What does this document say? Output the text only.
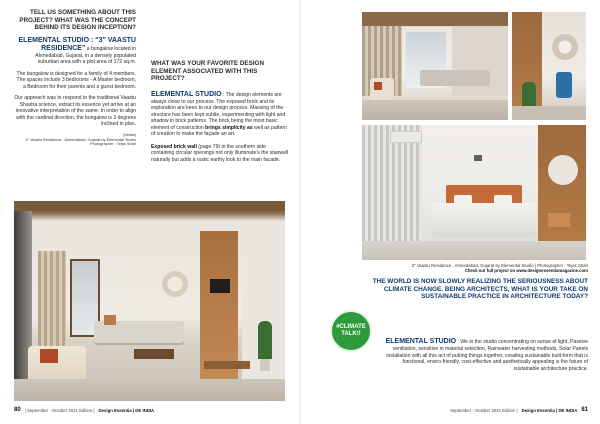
TELL US SOMETHING ABOUT THIS PROJECT? WHAT WAS THE CONCEPT BEHIND ITS DESIGN INCEPTION?
ELEMENTAL STUDIO : "3" VAASTU RESIDENCE" a bungalow located in Ahmedabad, Gujarat, in a densely populated suburban area with a plot area of 172 sq.m.
The bungalow is designed for a family of 4 members. The spaces include 3 bedrooms - A Master bedroom, a Bedroom for their parents and a guest bedroom.
Our approach was to respond to the traditional Vaastu Shastra science, extract its essence yet arrive at an innovative interpretation of the same. In order to align with the cardinal direction, the bungalow is 3 degrees inclined in plan.
(below)
3" Vaastu Residence , Ahmedabad, Gujarat by Elemental Studio
Photographer : Tejas Shah
WHAT WAS YOUR FAVORITE DESIGN ELEMENT ASSOCIATED WITH THIS PROJECT?
ELEMENTAL STUDIO : The design elements are always close to our process. The exposed brick and its exploration are keen to our design process. Massing of the structure has been kept subtle, experimenting with light and shadow in brick patterns. The brick being the most basic element of construction brings simplicity as well as pattern of creation to make the façade an art.
Exposed brick wall (page 79) in the southern side containing circular openings not only illuminate's the stairwell naturally but adds a rustic earthy look to the main facade.
3" Vaastu Residence , Ahmedabad, Gujarat by Elemental Studio | Photographer : Tejas Shah
Check out full project on www.designessentiamagazine.com
THE WORLD IS NOW SLOWLY REALIZING THE SERIOUSNESS ABOUT CLIMATE CHANGE. BEING ARCHITECTS, WHAT IS YOUR TAKE ON SUSTAINABLE PRACTICE IN ARCHITECTURE TODAY?
#CLIMATE
TALK!!
ELEMENTAL STUDIO : We in the studio concentrating on sense of light, Passive ventilation, sensitive in material selection, Rainwater harvesting methods, Solar Panels installation with all this act of putting things together, creating sustainable built-form that is functional, enviro-friendly, cost-effective and aesthetically appealing is the future of sustainable architecture practice.
80 | September - October 2021 Edition | Design Essentia | DE INDIA	September - October 2021 Edition | Design Essentia | DE INDIA 81
